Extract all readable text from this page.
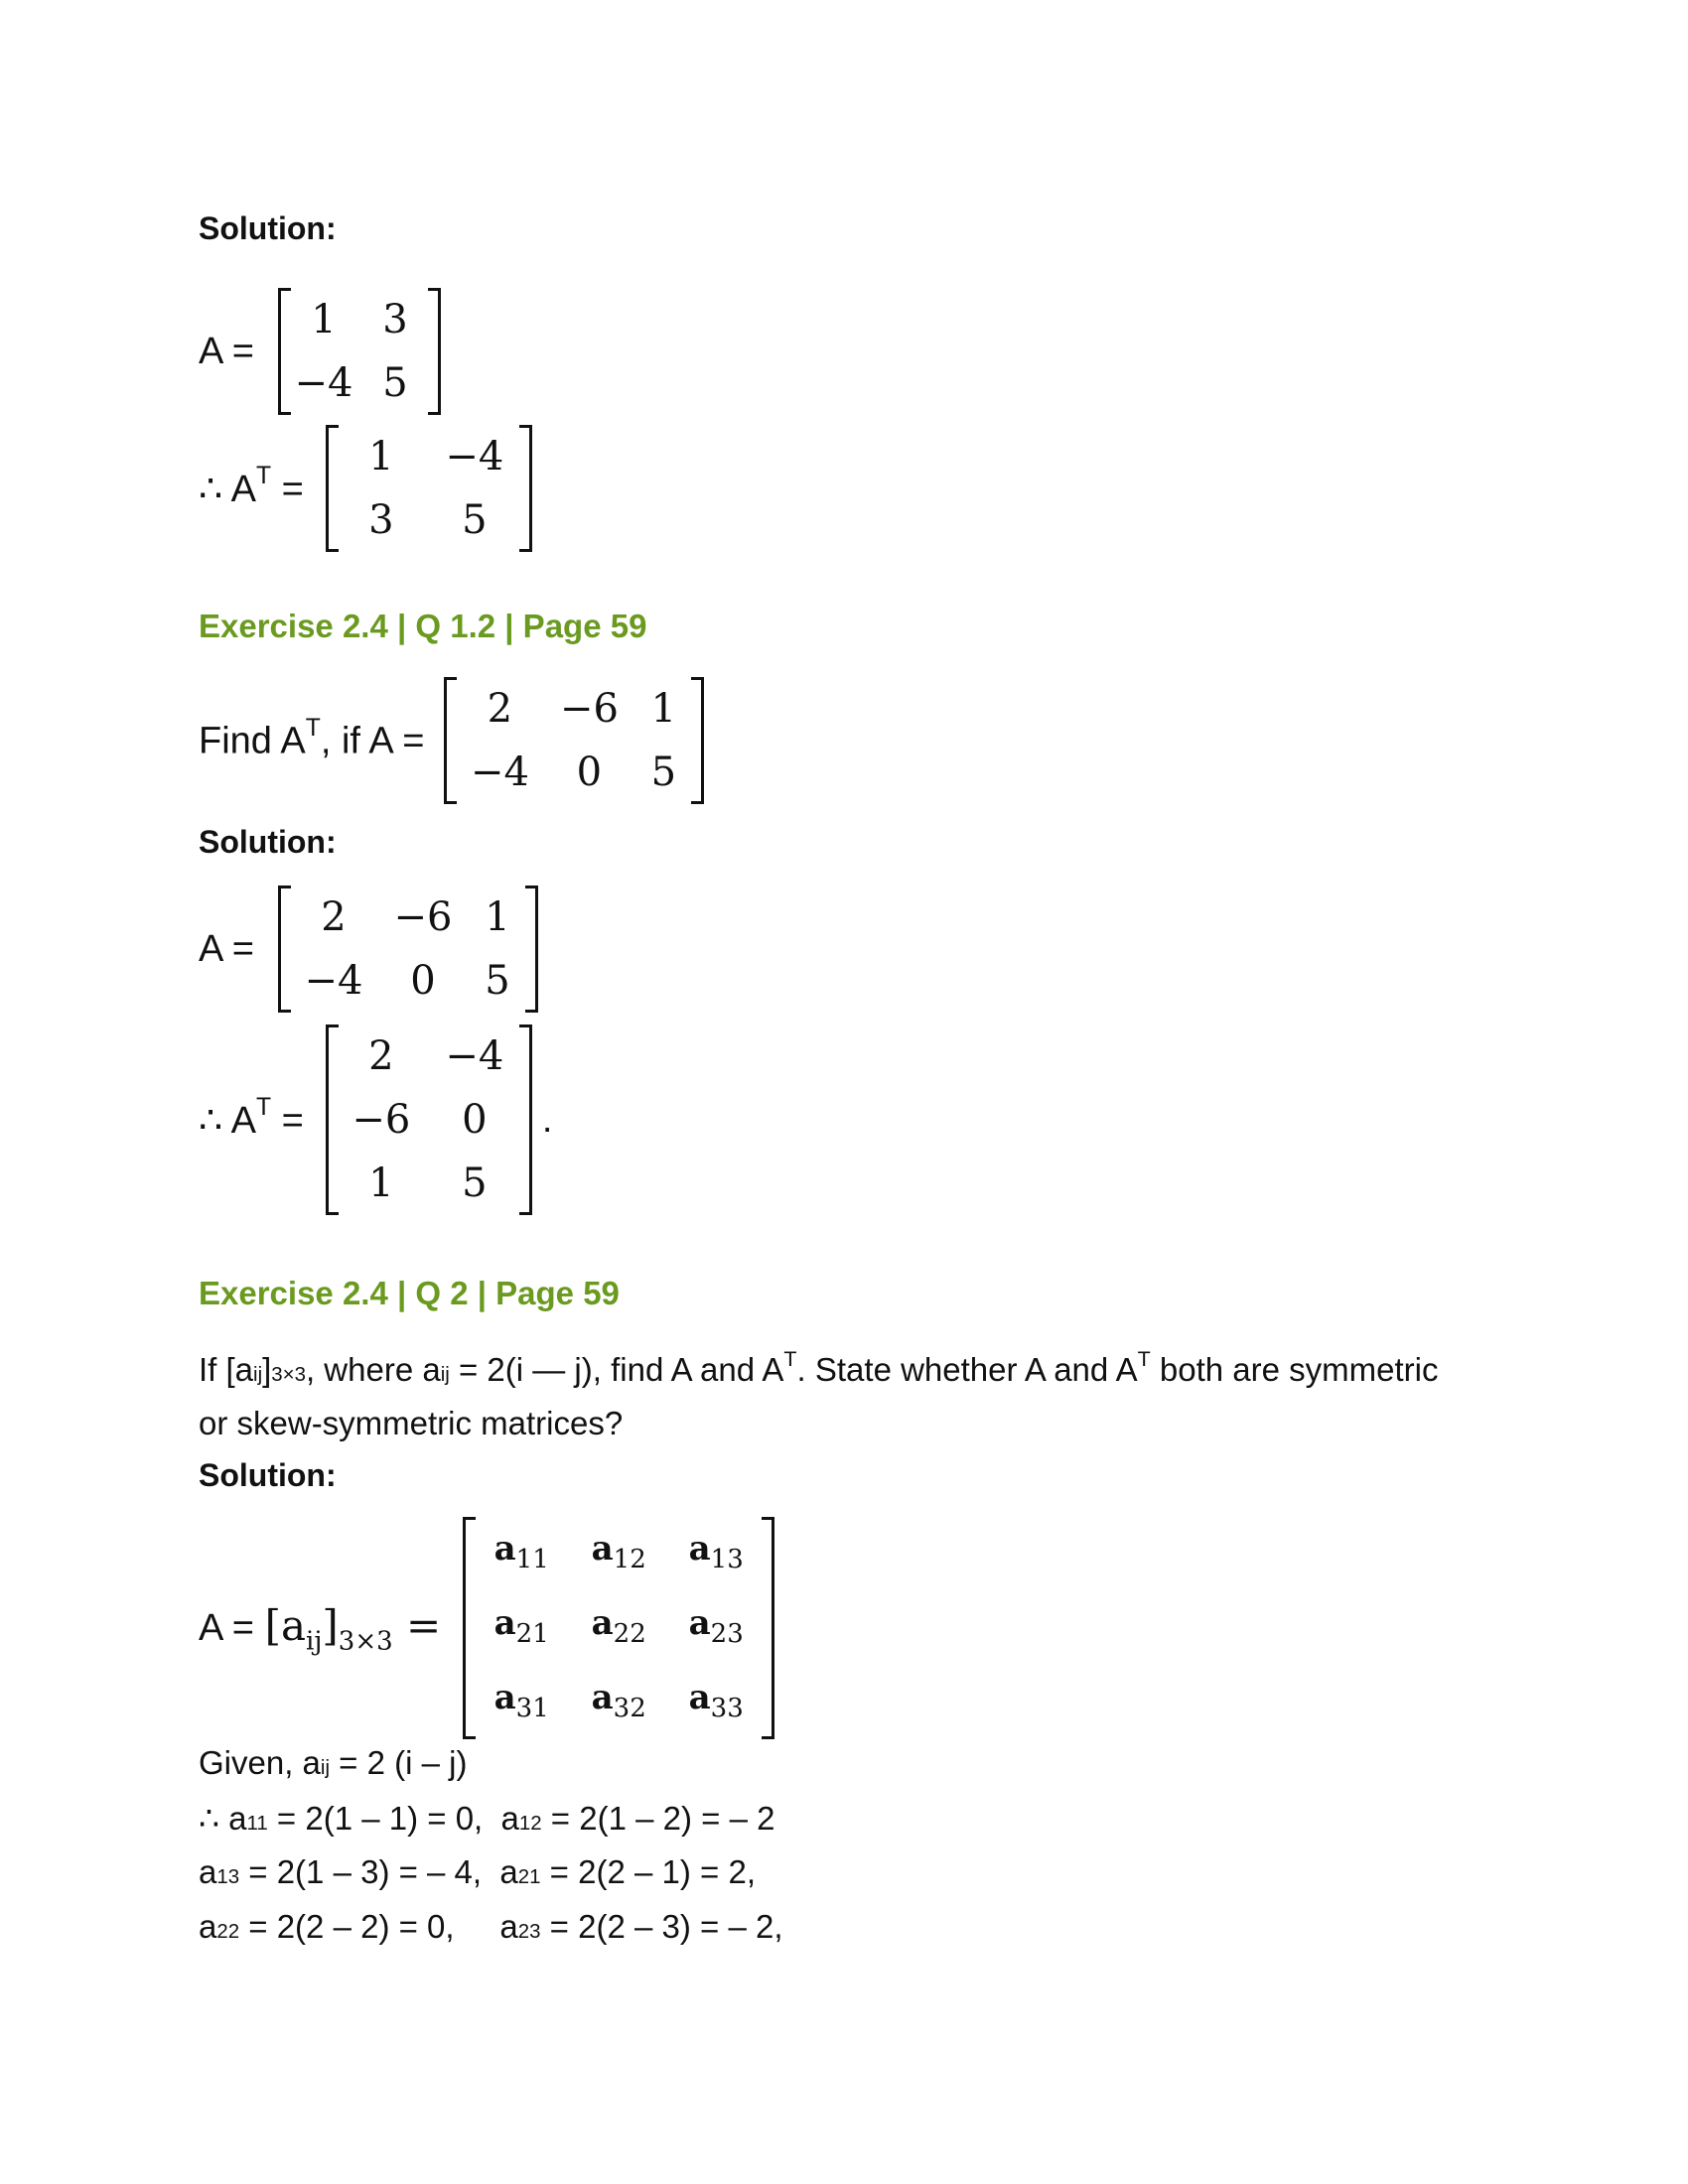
Solution:
A =
1	3
−4 5
∴ $A^T$ =
1	−4
3	5
Exercise 2.4 | Q 1.2 | Page 59
Find $A^T$, if A =
2	−6 1
−4	0	5
Solution:
A =
2	−6 1
−4	0	5
∴ $A^T$ =
2	−4
−6	0
1	5
.
Exercise 2.4 | Q 2 | Page 59
If [aij]3×3, where aij = 2(i — j), find A and $A^T$. State whether A and $A^T$ both are symmetric
or skew-symmetric matrices?
Solution:
$A = [a_{ij}]_{3\times 3}$ =
$a_{11}$	$a_{12}$	$a_{13}$
$a_{21}$	$a_{22}$	$a_{23}$
$a_{31}$	$a_{32}$	$a_{33}$
Given, aij = 2 (i – j)
∴ a11 = 2(1 – 1) = 0,  a12 = 2(1 – 2) = – 2
a13 = 2(1 – 3) = – 4,  a21 = 2(2 – 1) = 2,
a22 = 2(2 – 2) = 0,     a23 = 2(2 – 3) = – 2,
